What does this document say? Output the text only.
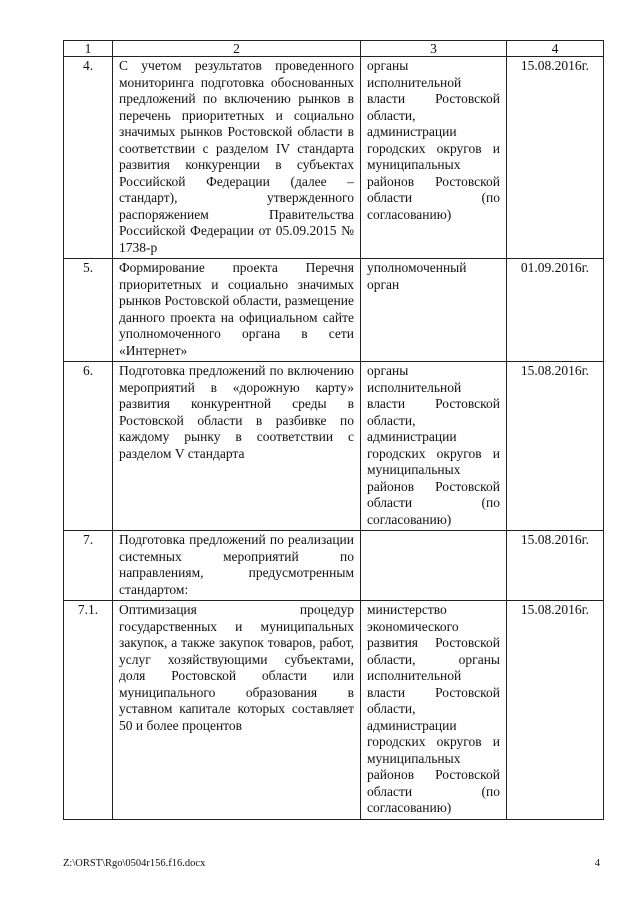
1	2	3	4
4.	С учетом результатов проведенного мониторинга подготовка обоснованных предложений по включению рынков в перечень приоритетных и социально значимых рынков Ростовской области в соответствии с разделом IV стандарта развития конкуренции в субъектах Российской Федерации (далее – стандарт), утвержденного распоряжением Правительства Российской Федерации от 05.09.2015 № 1738-р	органы исполнительной власти Ростовской области, администрации городских округов и муниципальных районов Ростовской области (по согласованию)	15.08.2016г.
5.	Формирование проекта Перечня приоритетных и социально значимых рынков Ростовской области, размещение данного проекта на официальном сайте уполномоченного органа в сети «Интернет»	уполномоченный орган	01.09.2016г.
6.	Подготовка предложений по включению мероприятий в «дорожную карту» развития конкурентной среды в Ростовской области в разбивке по каждому рынку в соответствии с разделом V стандарта	органы исполнительной власти Ростовской области, администрации городских округов и муниципальных районов Ростовской области (по согласованию)	15.08.2016г.
7.	Подготовка предложений по реализации системных мероприятий по направлениям, предусмотренным стандартом:		15.08.2016г.
7.1.	Оптимизация процедур государственных и муниципальных закупок, а также закупок товаров, работ, услуг хозяйствующими субъектами, доля Ростовской области или муниципального образования в уставном капитале которых составляет 50 и более процентов	министерство экономического развития Ростовской области, органы исполнительной власти Ростовской области, администрации городских округов и муниципальных районов Ростовской области (по согласованию)	15.08.2016г.
Z:\ORST\Rgo\0504r156.f16.docx	4
